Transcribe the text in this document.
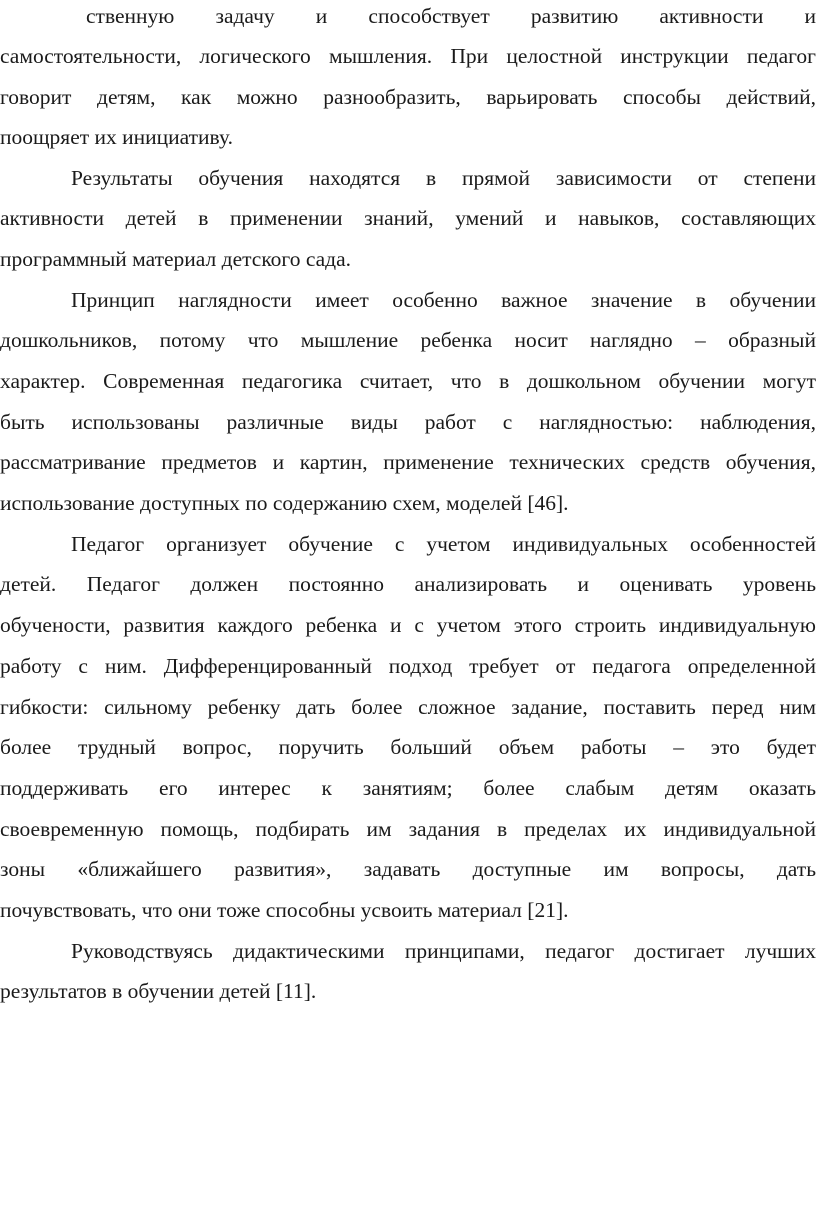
ственную задачу и способствует развитию активности и
самостоятельности, логического мышления. При целостной инструкции педагог
говорит детям, как можно разнообразить, варьировать способы действий,
поощряет их инициативу.
Результаты обучения находятся в прямой зависимости от степени
активности детей в применении знаний, умений и навыков, составляющих
программный материал детского сада.
Принцип наглядности имеет особенно важное значение в обучении
дошкольников, потому что мышление ребенка носит наглядно – образный
характер. Современная педагогика считает, что в дошкольном обучении могут
быть использованы различные виды работ с наглядностью: наблюдения,
рассматривание предметов и картин, применение технических средств обучения,
использование доступных по содержанию схем, моделей [46].
Педагог организует обучение с учетом индивидуальных особенностей
детей. Педагог должен постоянно анализировать и оценивать уровень
обучености, развития каждого ребенка и с учетом этого строить индивидуальную
работу с ним. Дифференцированный подход требует от педагога определенной
гибкости: сильному ребенку дать более сложное задание, поставить перед ним
более трудный вопрос, поручить больший объем работы – это будет
поддерживать его интерес к занятиям; более слабым детям оказать
своевременную помощь, подбирать им задания в пределах их индивидуальной
зоны «ближайшего развития», задавать доступные им вопросы, дать
почувствовать, что они тоже способны усвоить материал [21].
Руководствуясь дидактическими принципами, педагог достигает лучших
результатов в обучении детей [11].
